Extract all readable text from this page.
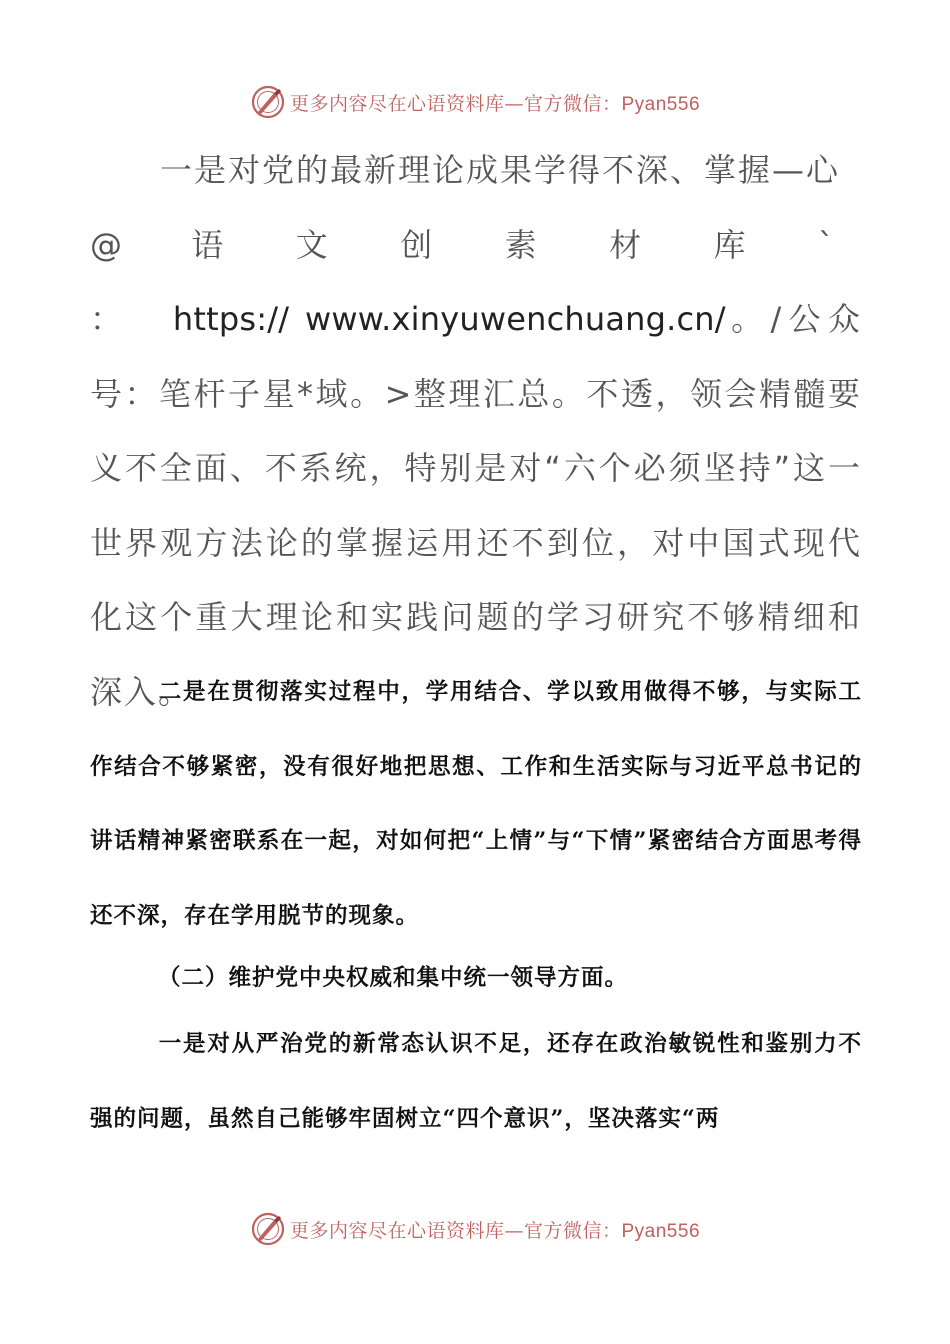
更多内容尽在心语资料库—官方微信：Pyan556

一是对党的最新理论成果学得不深、掌握—心
@ 语 文 创 素 材 库 ` ： https:// www.xinyuwenchuang.cn/。/公众号：笔杆子星*域。>整理汇总。不透，领会精髓要义不全面、不系统，特别是对“六个必须坚持”这一世界观方法论的掌握运用还不到位，对中国式现代化这个重大理论和实践问题的学习研究不够精细和深入。

二是在贯彻落实过程中，学用结合、学以致用做得不够，与实际工作结合不够紧密，没有很好地把思想、工作和生活实际与习近平总书记的讲话精神紧密联系在一起，对如何把“上情”与“下情”紧密结合方面思考得还不深，存在学用脱节的现象。

（二）维护党中央权威和集中统一领导方面。

一是对从严治党的新常态认识不足，还存在政治敏锐性和鉴别力不强的问题，虽然自己能够牢固树立“四个意识”，坚决落实“两

更多内容尽在心语资料库—官方微信：Pyan556
